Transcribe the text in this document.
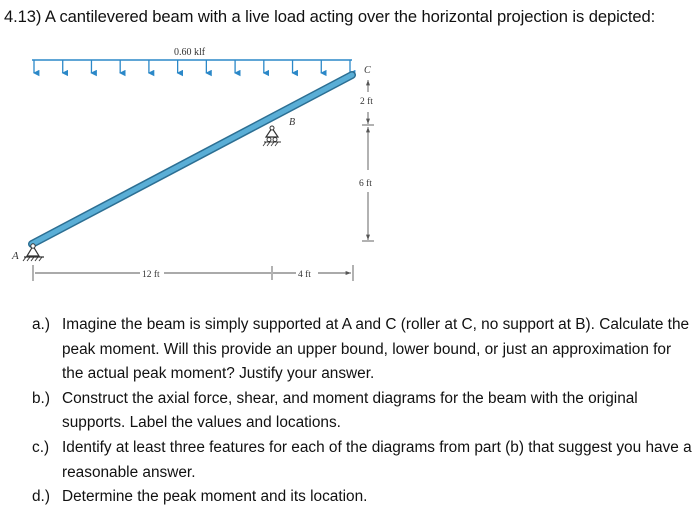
4.13) A cantilevered beam with a live load acting over the horizontal projection is depicted:
0.60 klf
A
B
C
2 ft
6 ft
12 ft	4 ft
a.) Imagine the beam is simply supported at A and C (roller at C, no support at B). Calculate the peak moment. Will this provide an upper bound, lower bound, or just an approximation for the actual peak moment? Justify your answer.
b.) Construct the axial force, shear, and moment diagrams for the beam with the original supports. Label the values and locations.
c.) Identify at least three features for each of the diagrams from part (b) that suggest you have a reasonable answer.
d.) Determine the peak moment and its location.
